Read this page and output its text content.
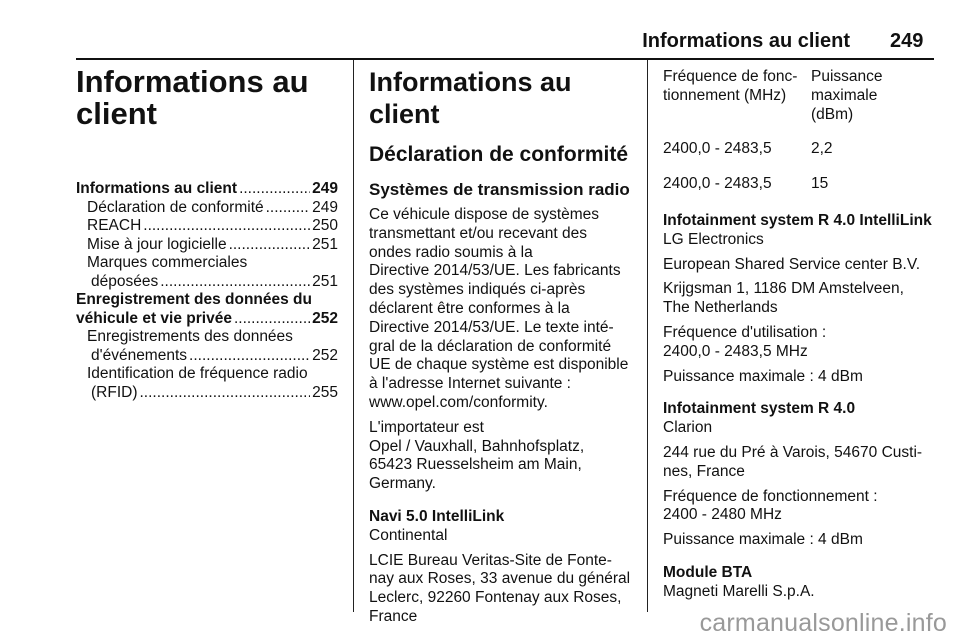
Informations au client 249
Informations au
client
Informations au client .....	249
Déclaration de conformité .....	249
REACH .....	250
Mise à jour logicielle .....	251
Marques commerciales
déposées .....	251
Enregistrement des données du
véhicule et vie privée .....	252
Enregistrements des données
d'événements .....	252
Identification de fréquence radio
(RFID) .....	255
Informations au client
Déclaration de conformité
Systèmes de transmission radio

Ce véhicule dispose de systèmes
transmettant et/ou recevant des
ondes radio soumis à la
Directive 2014/53/UE. Les fabricants
des systèmes indiqués ci-après
déclarent être conformes à la
Directive 2014/53/UE. Le texte inté-
gral de la déclaration de conformité
UE de chaque système est disponible
à l'adresse Internet suivante :
www.opel.com/conformity.

L'importateur est
Opel / Vauxhall, Bahnhofsplatz,
65423 Ruesselsheim am Main,
Germany.

Navi 5.0 IntelliLink

Continental

LCIE Bureau Veritas-Site de Fonte-
nay aux Roses, 33 avenue du général
Leclerc, 92260 Fontenay aux Roses,
France

Fréquence de fonc-
tionnement (MHz)	Puissance
maximale
(dBm)
2400,0 - 2483,5	2,2
2400,0 - 2483,5	15

Infotainment system R 4.0 IntelliLink

LG Electronics

European Shared Service center B.V.

Krijgsman 1, 1186 DM Amstelveen,
The Netherlands

Fréquence d'utilisation :
2400,0 - 2483,5 MHz

Puissance maximale : 4 dBm

Infotainment system R 4.0

Clarion

244 rue du Pré à Varois, 54670 Custi-
nes, France

Fréquence de fonctionnement :
2400 - 2480 MHz

Puissance maximale : 4 dBm

Module BTA

Magneti Marelli S.p.A.

carmanualsonline.info
